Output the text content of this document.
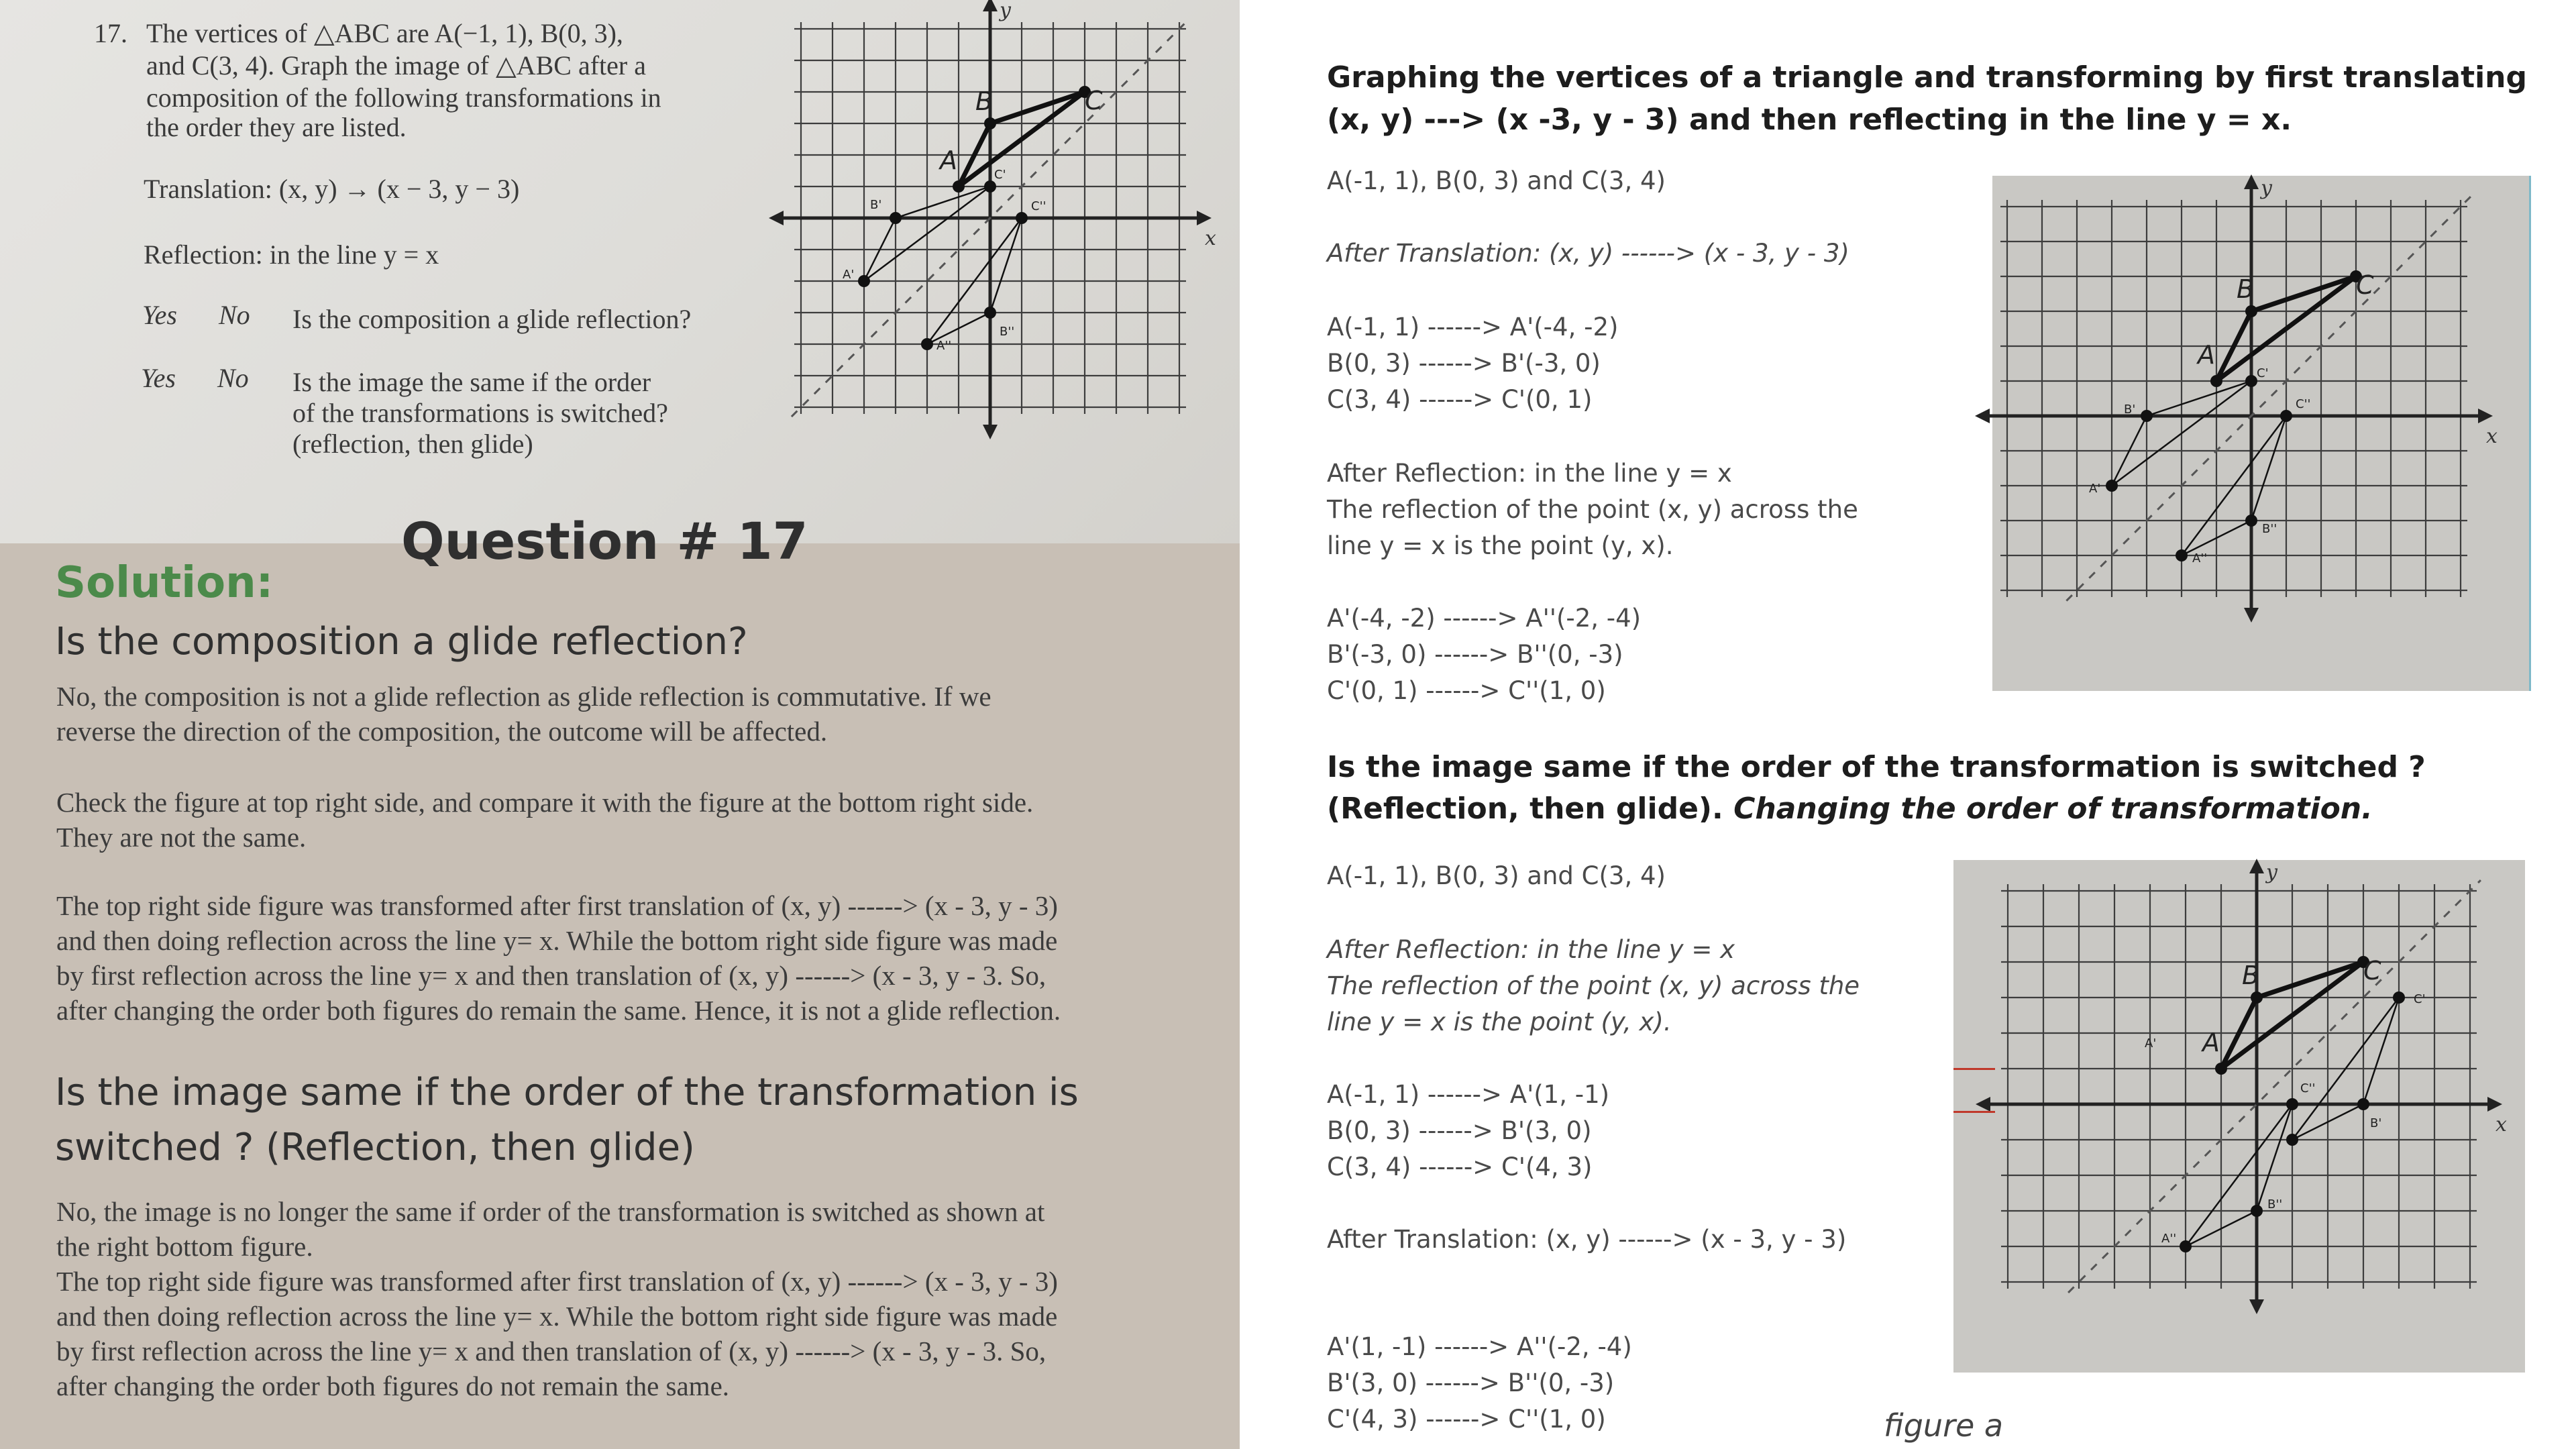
17. The vertices of △ABC are A(−1, 1), B(0, 3),
and C(3, 4). Graph the image of △ABC after a
composition of the following transformations in
the order they are listed.
Translation: (x, y) → (x − 3, y − 3)
Reflection: in the line y = x
Yes No Is the composition a glide reflection?
Yes No Is the image the same if the order
of the transformations is switched?
(reflection, then glide)
x
y
A
B	C
A'
B'
C'
A''
B''
C''
Question # 17
Solution:
Is the composition a glide reflection?
No, the composition is not a glide reflection as glide reflection is commutative. If we
reverse the direction of the composition, the outcome will be affected.
Check the figure at top right side, and compare it with the figure at the bottom right side.
They are not the same.
The top right side figure was transformed after first translation of (x, y) ------> (x - 3, y - 3)
and then doing reflection across the line y= x. While the bottom right side figure was made
by first reflection across the line y= x and then translation of (x, y) ------> (x - 3, y - 3. So,
after changing the order both figures do remain the same. Hence, it is not a glide reflection.
Is the image same if the order of the transformation is
switched ? (Reflection, then glide)
No, the image is no longer the same if order of the transformation is switched as shown at
the right bottom figure.
The top right side figure was transformed after first translation of (x, y) ------> (x - 3, y - 3)
and then doing reflection across the line y= x. While the bottom right side figure was made
by first reflection across the line y= x and then translation of (x, y) ------> (x - 3, y - 3. So,
after changing the order both figures do not remain the same.
Graphing the vertices of a triangle and transforming by first translating
(x, y) ---> (x -3, y - 3) and then reflecting in the line y = x.
A(-1, 1), B(0, 3) and C(3, 4)
After Translation: (x, y) ------> (x - 3, y - 3)
A(-1, 1) ------> A'(-4, -2)
B(0, 3) ------> B'(-3, 0)
C(3, 4) ------> C'(0, 1)
After Reflection: in the line y = x
The reflection of the point (x, y) across the
line y = x is the point (y, x).
A'(-4, -2) ------> A''(-2, -4)
B'(-3, 0) ------> B''(0, -3)
C'(0, 1) ------> C''(1, 0)
Is the image same if the order of the transformation is switched ?
(Reflection, then glide). Changing the order of transformation.
A(-1, 1), B(0, 3) and C(3, 4)
After Reflection: in the line y = x
The reflection of the point (x, y) across the
line y = x is the point (y, x).
A(-1, 1) ------> A'(1, -1)
B(0, 3) ------> B'(3, 0)
C(3, 4) ------> C'(4, 3)
After Translation: (x, y) ------> (x - 3, y - 3)
A'(1, -1) ------> A''(-2, -4)
B'(3, 0) ------> B''(0, -3)
C'(4, 3) ------> C''(1, 0)	figure a
x
y
A
B	C
A'
B'
C'
A''
B''
C''
x
y
A
B	C
A'
B'
C'
A''
B''
C''
